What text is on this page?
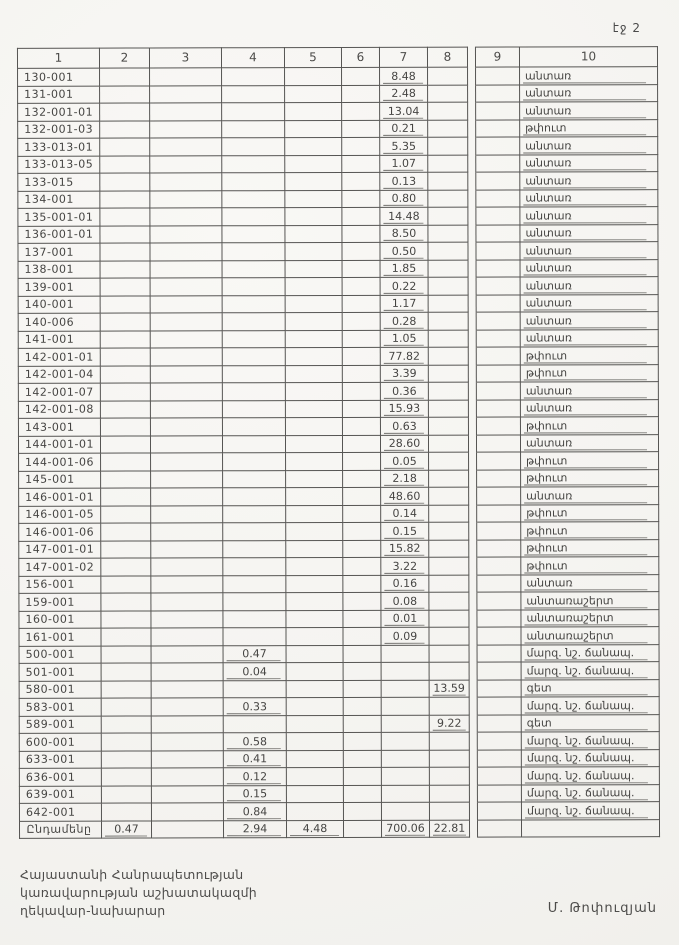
էջ 2
1	2	3	4	5	6	7	8		9	10
130-001						8.48				անտառ
131-001						2.48				անտառ
132-001-01						13.04				անտառ
132-001-03						0.21				թփուտ
133-013-01						5.35				անտառ
133-013-05						1.07				անտառ
133-015						0.13				անտառ
134-001						0.80				անտառ
135-001-01						14.48				անտառ
136-001-01						8.50				անտառ
137-001						0.50				անտառ
138-001						1.85				անտառ
139-001						0.22				անտառ
140-001						1.17				անտառ
140-006						0.28				անտառ
141-001						1.05				անտառ
142-001-01						77.82				թփուտ
142-001-04						3.39				թփուտ
142-001-07						0.36				անտառ
142-001-08						15.93				անտառ
143-001						0.63				թփուտ
144-001-01						28.60				անտառ
144-001-06						0.05				թփուտ
145-001						2.18				թփուտ
146-001-01						48.60				անտառ
146-001-05						0.14				թփուտ
146-001-06						0.15				թփուտ
147-001-01						15.82				թփուտ
147-001-02						3.22				թփուտ
156-001						0.16				անտառ
159-001						0.08				անտառաշերտ
160-001						0.01				անտառաշերտ
161-001						0.09				անտառաշերտ
500-001			0.47							մարզ. նշ. ճանապ.
501-001			0.04							մարզ. նշ. ճանապ.
580-001							13.59			գետ
583-001			0.33							մարզ. նշ. ճանապ.
589-001							9.22			գետ
600-001			0.58							մարզ. նշ. ճանապ.
633-001			0.41							մարզ. նշ. ճանապ.
636-001			0.12							մարզ. նշ. ճանապ.
639-001			0.15							մարզ. նշ. ճանապ.
642-001			0.84							մարզ. նշ. ճանապ.
Ընդամենը	0.47		2.94	4.48		700.06	22.81			
Հայաստանի Հանրապետության
կառավարության աշխատակազմի
ղեկավար-նախարար	Մ. Թոփուզյան
